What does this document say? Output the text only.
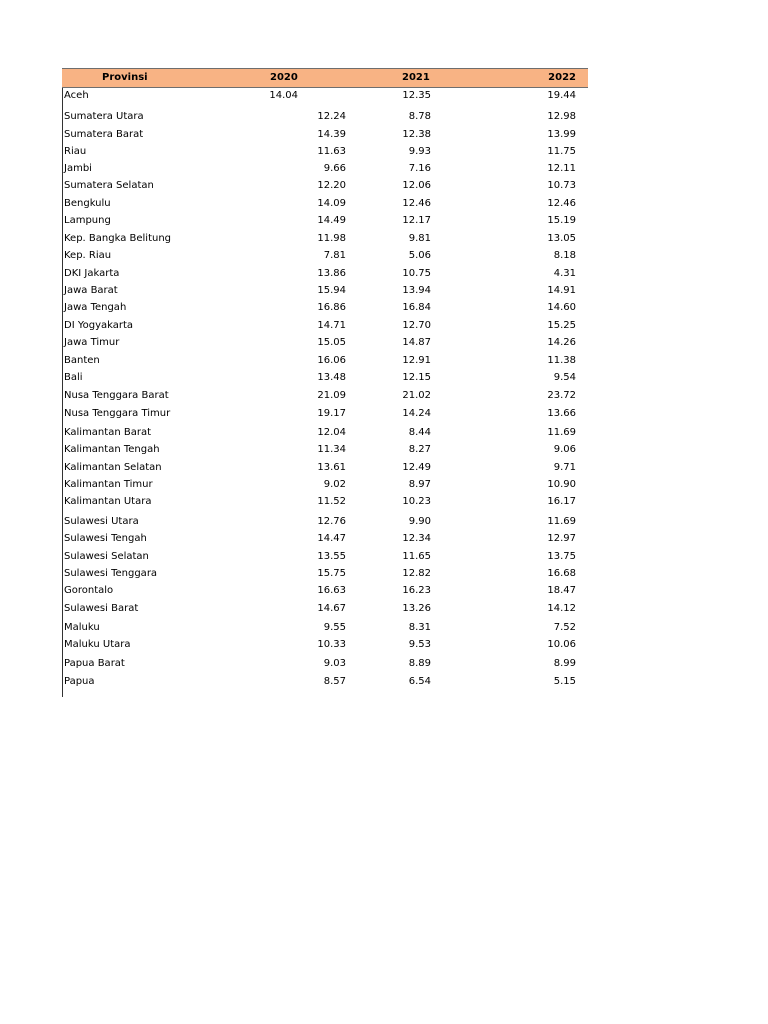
Provinsi	2020	2021	2022
Aceh	14.04	12.35	19.44
Sumatera Utara	12.24	8.78	12.98
Sumatera Barat	14.39	12.38	13.99
Riau	11.63	9.93	11.75
Jambi	9.66	7.16	12.11
Sumatera Selatan	12.20	12.06	10.73
Bengkulu	14.09	12.46	12.46
Lampung	14.49	12.17	15.19
Kep. Bangka Belitung	11.98	9.81	13.05
Kep. Riau	7.81	5.06	8.18
DKI Jakarta	13.86	10.75	4.31
Jawa Barat	15.94	13.94	14.91
Jawa Tengah	16.86	16.84	14.60
DI Yogyakarta	14.71	12.70	15.25
Jawa Timur	15.05	14.87	14.26
Banten	16.06	12.91	11.38
Bali	13.48	12.15	9.54
Nusa Tenggara Barat	21.09	21.02	23.72
Nusa Tenggara Timur	19.17	14.24	13.66
Kalimantan Barat	12.04	8.44	11.69
Kalimantan Tengah	11.34	8.27	9.06
Kalimantan Selatan	13.61	12.49	9.71
Kalimantan Timur	9.02	8.97	10.90
Kalimantan Utara	11.52	10.23	16.17
Sulawesi Utara	12.76	9.90	11.69
Sulawesi Tengah	14.47	12.34	12.97
Sulawesi Selatan	13.55	11.65	13.75
Sulawesi Tenggara	15.75	12.82	16.68
Gorontalo	16.63	16.23	18.47
Sulawesi Barat	14.67	13.26	14.12
Maluku	9.55	8.31	7.52
Maluku Utara	10.33	9.53	10.06
Papua Barat	9.03	8.89	8.99
Papua	8.57	6.54	5.15
